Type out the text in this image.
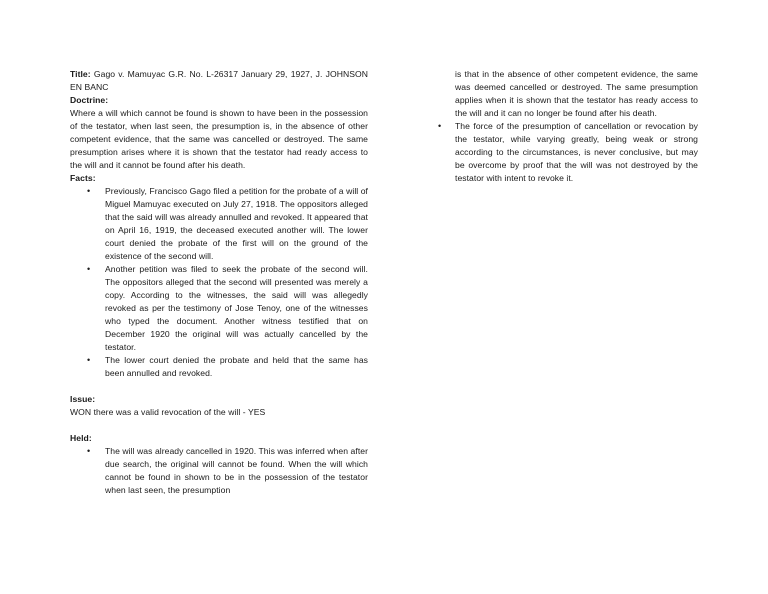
Title: Gago v. Mamuyac G.R. No. L-26317 January 29, 1927, J. JOHNSON EN BANC
Doctrine:
Where a will which cannot be found is shown to have been in the possession of the testator, when last seen, the presumption is, in the absence of other competent evidence, that the same was cancelled or destroyed. The same presumption arises where it is shown that the testator had ready access to the will and it cannot be found after his death.
Facts:
• Previously, Francisco Gago filed a petition for the probate of a will of Miguel Mamuyac executed on July 27, 1918. The oppositors alleged that the said will was already annulled and revoked. It appeared that on April 16, 1919, the deceased executed another will. The lower court denied the probate of the first will on the ground of the existence of the second will.
• Another petition was filed to seek the probate of the second will. The oppositors alleged that the second will presented was merely a copy. According to the witnesses, the said will was allegedly revoked as per the testimony of Jose Tenoy, one of the witnesses who typed the document. Another witness testified that on December 1920 the original will was actually cancelled by the testator.
• The lower court denied the probate and held that the same has been annulled and revoked.
Issue:
WON there was a valid revocation of the will - YES
Held:
• The will was already cancelled in 1920. This was inferred when after due search, the original will cannot be found. When the will which cannot be found in shown to be in the possession of the testator when last seen, the presumption
is that in the absence of other competent evidence, the same was deemed cancelled or destroyed. The same presumption applies when it is shown that the testator has ready access to the will and it can no longer be found after his death.
• The force of the presumption of cancellation or revocation by the testator, while varying greatly, being weak or strong according to the circumstances, is never conclusive, but may be overcome by proof that the will was not destroyed by the testator with intent to revoke it.
